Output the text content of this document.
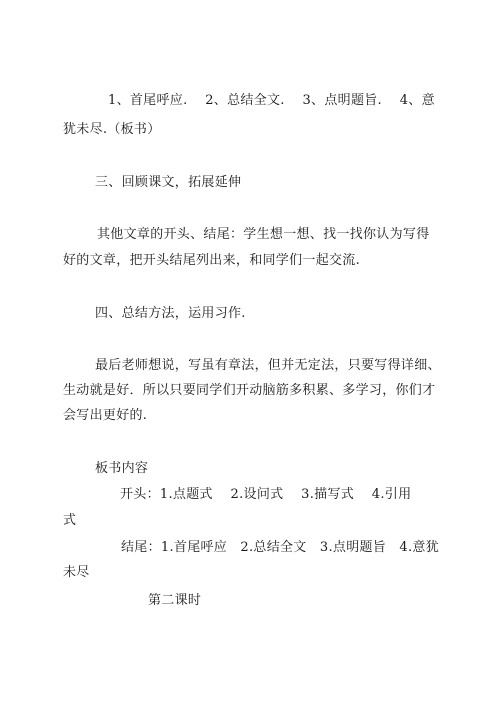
1、首尾呼应.　 2、总结全文.　 3、点明题旨.　 4、意
犹未尽.（板书）
三、回顾课文，拓展延伸
其他文章的开头、结尾：学生想一想、找一找你认为写得
好的文章，把开头结尾列出来，和同学们一起交流.
四、总结方法，运用习作.
最后老师想说，写虽有章法，但并无定法，只要写得详细、
生动就是好．所以只要同学们开动脑筋多积累、多学习，你们才
会写出更好的.
板书内容
开头：1.点题式　 2.设问式　 3.描写式　 4.引用
式
结尾：1.首尾呼应　2.总结全文　3.点明题旨　4.意犹
未尽
第二课时
